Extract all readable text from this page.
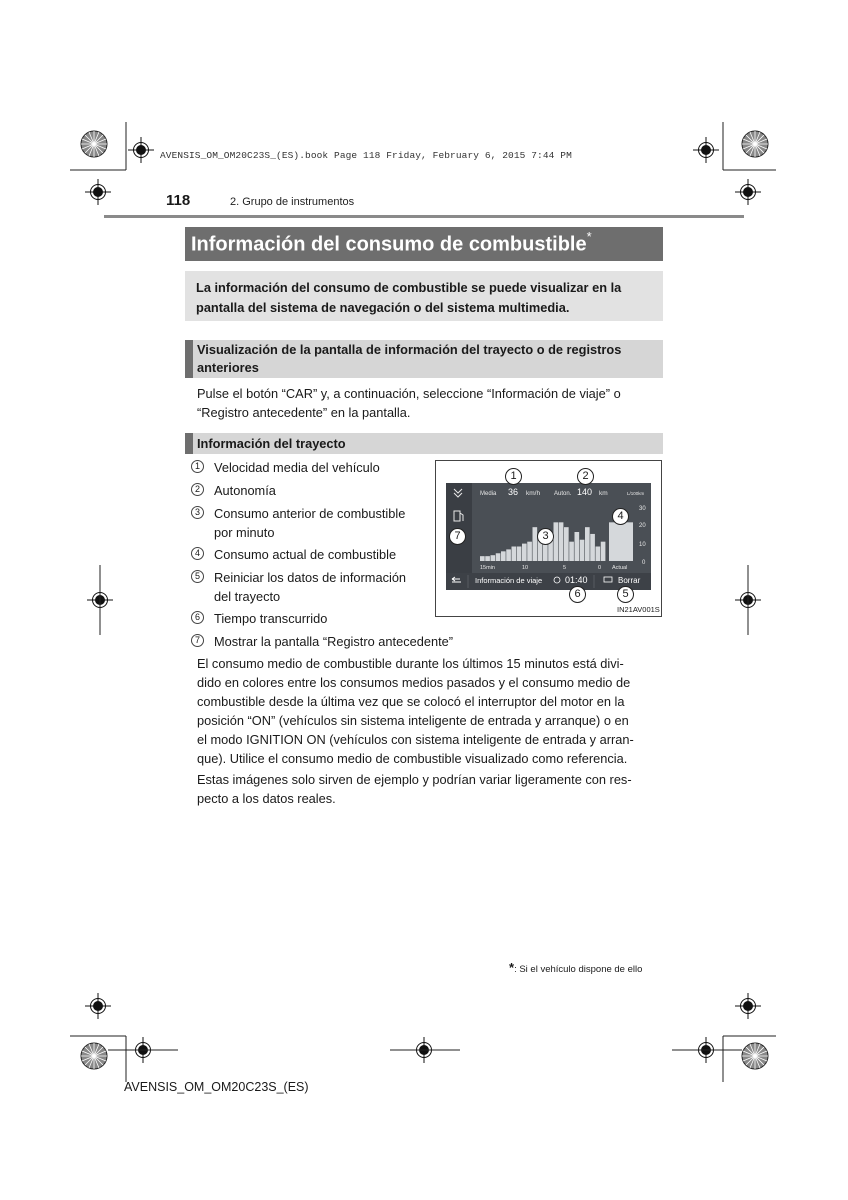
AVENSIS_OM_OM20C23S_(ES).book Page 118 Friday, February 6, 2015 7:44 PM
118	2. Grupo de instrumentos
Información del consumo de combustible*
La información del consumo de combustible se puede visualizar en la pantalla del sistema de navegación o del sistema multimedia.
Visualización de la pantalla de información del trayecto o de registros anteriores
Pulse el botón “CAR” y, a continuación, seleccione “Información de viaje” o
“Registro antecedente” en la pantalla.
Información del trayecto
1	Velocidad media del vehículo
2	Autonomía
3	Consumo anterior de combustible
por minuto
4	Consumo actual de combustible
5	Reiniciar los datos de información
del trayecto
6	Tiempo transcurrido
7	Mostrar la pantalla “Registro antecedente”
Media 36 km/h Auton. 140 km	L/100km
30
20
10
0
15min	10	5	0 Actual
Información de viaje	01:40	Borrar
1	2
3
4
5
6
7
IN21AV001S
El consumo medio de combustible durante los últimos 15 minutos está divi-
dido en colores entre los consumos medios pasados y el consumo medio de
combustible desde la última vez que se colocó el interruptor del motor en la
posición “ON” (vehículos sin sistema inteligente de entrada y arranque) o en
el modo IGNITION ON (vehículos con sistema inteligente de entrada y arran-
que). Utilice el consumo medio de combustible visualizado como referencia.
Estas imágenes solo sirven de ejemplo y podrían variar ligeramente con res-
pecto a los datos reales.
*: Si el vehículo dispone de ello
AVENSIS_OM_OM20C23S_(ES)
